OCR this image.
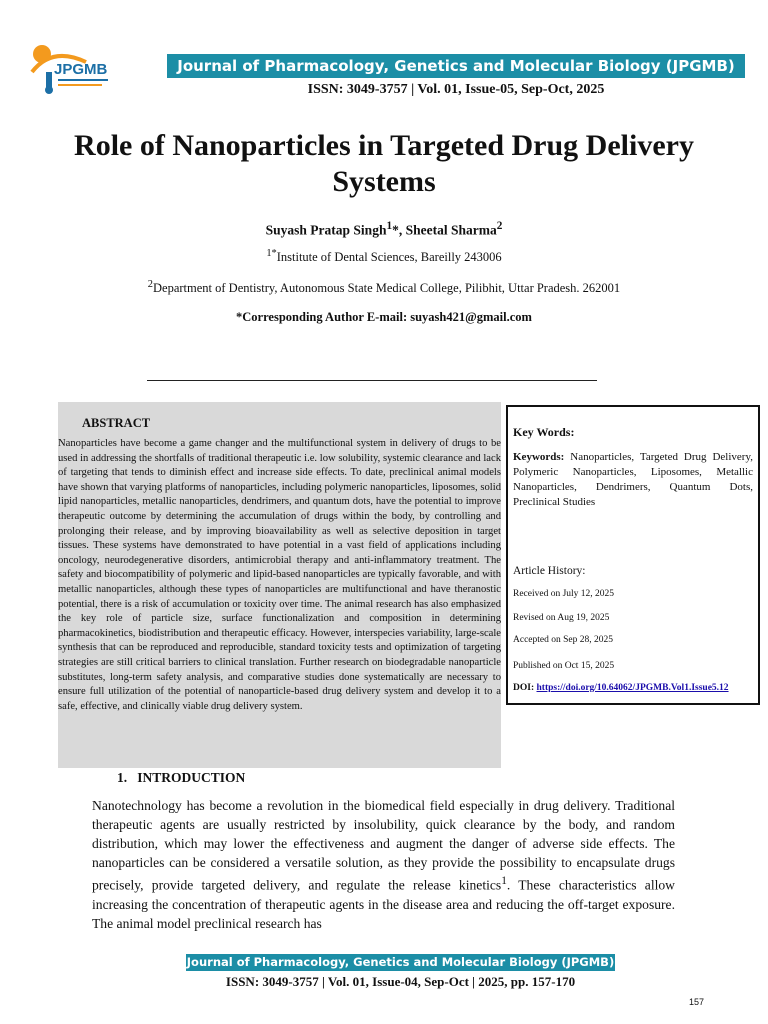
JPGMB	Journal of Pharmacology, Genetics and Molecular Biology (JPGMB)
ISSN: 3049-3757 | Vol. 01, Issue-05, Sep-Oct, 2025
Role of Nanoparticles in Targeted Drug Delivery Systems
Suyash Pratap Singh$^1$*, Sheetal Sharma$^2$
$^{1*}$Institute of Dental Sciences, Bareilly 243006
$^2$Department of Dentistry, Autonomous State Medical College, Pilibhit, Uttar Pradesh. 262001
*Corresponding Author E-mail: suyash421@gmail.com
ABSTRACT
Nanoparticles have become a game changer and the multifunctional system in delivery of drugs to be used in addressing the shortfalls of traditional therapeutic i.e. low solubility, systemic clearance and lack of targeting that tends to diminish effect and increase side effects. To date, preclinical animal models have shown that varying platforms of nanoparticles, including polymeric nanoparticles, liposomes, solid lipid nanoparticles, metallic nanoparticles, dendrimers, and quantum dots, have the potential to improve therapeutic outcome by determining the accumulation of drugs within the body, by controlling and prolonging their release, and by improving bioavailability as well as selective deposition in target tissues. These systems have demonstrated to have potential in a vast field of applications including oncology, neurodegenerative disorders, antimicrobial therapy and anti-inflammatory treatment. The safety and biocompatibility of polymeric and lipid-based nanoparticles are typically favorable, and with metallic nanoparticles, although these types of nanoparticles are multifunctional and have theranostic potential, there is a risk of accumulation or toxicity over time. The animal research has also emphasized the key role of particle size, surface functionalization and composition in determining pharmacokinetics, biodistribution and therapeutic efficacy. However, interspecies variability, large-scale synthesis that can be reproduced and reproducible, standard toxicity tests and optimization of targeting strategies are still critical barriers to clinical translation. Further research on biodegradable nanoparticle substitutes, long-term safety analysis, and comparative studies done systematically are necessary to ensure full utilization of the potential of nanoparticle-based drug delivery system and develop it to a safe, effective, and clinically viable drug delivery system.
Key Words:
Keywords: Nanoparticles, Targeted Drug Delivery, Polymeric Nanoparticles, Liposomes, Metallic Nanoparticles, Dendrimers, Quantum Dots, Preclinical Studies
Article History:
Received on July 12, 2025
Revised on Aug 19, 2025
Accepted on Sep 28, 2025
Published on Oct 15, 2025
DOI: https://doi.org/10.64062/JPGMB.Vol1.Issue5.12
1.   INTRODUCTION
Nanotechnology has become a revolution in the biomedical field especially in drug delivery. Traditional therapeutic agents are usually restricted by insolubility, quick clearance by the body, and random distribution, which may lower the effectiveness and augment the danger of adverse side effects. The nanoparticles can be considered a versatile solution, as they provide the possibility to encapsulate drugs precisely, provide targeted delivery, and regulate the release kinetics$^1$. These characteristics allow increasing the concentration of therapeutic agents in the disease area and reducing the off-target exposure. The animal model preclinical research has
Journal of Pharmacology, Genetics and Molecular Biology (JPGMB)
ISSN: 3049-3757 | Vol. 01, Issue-04, Sep-Oct | 2025, pp. 157-170
157
